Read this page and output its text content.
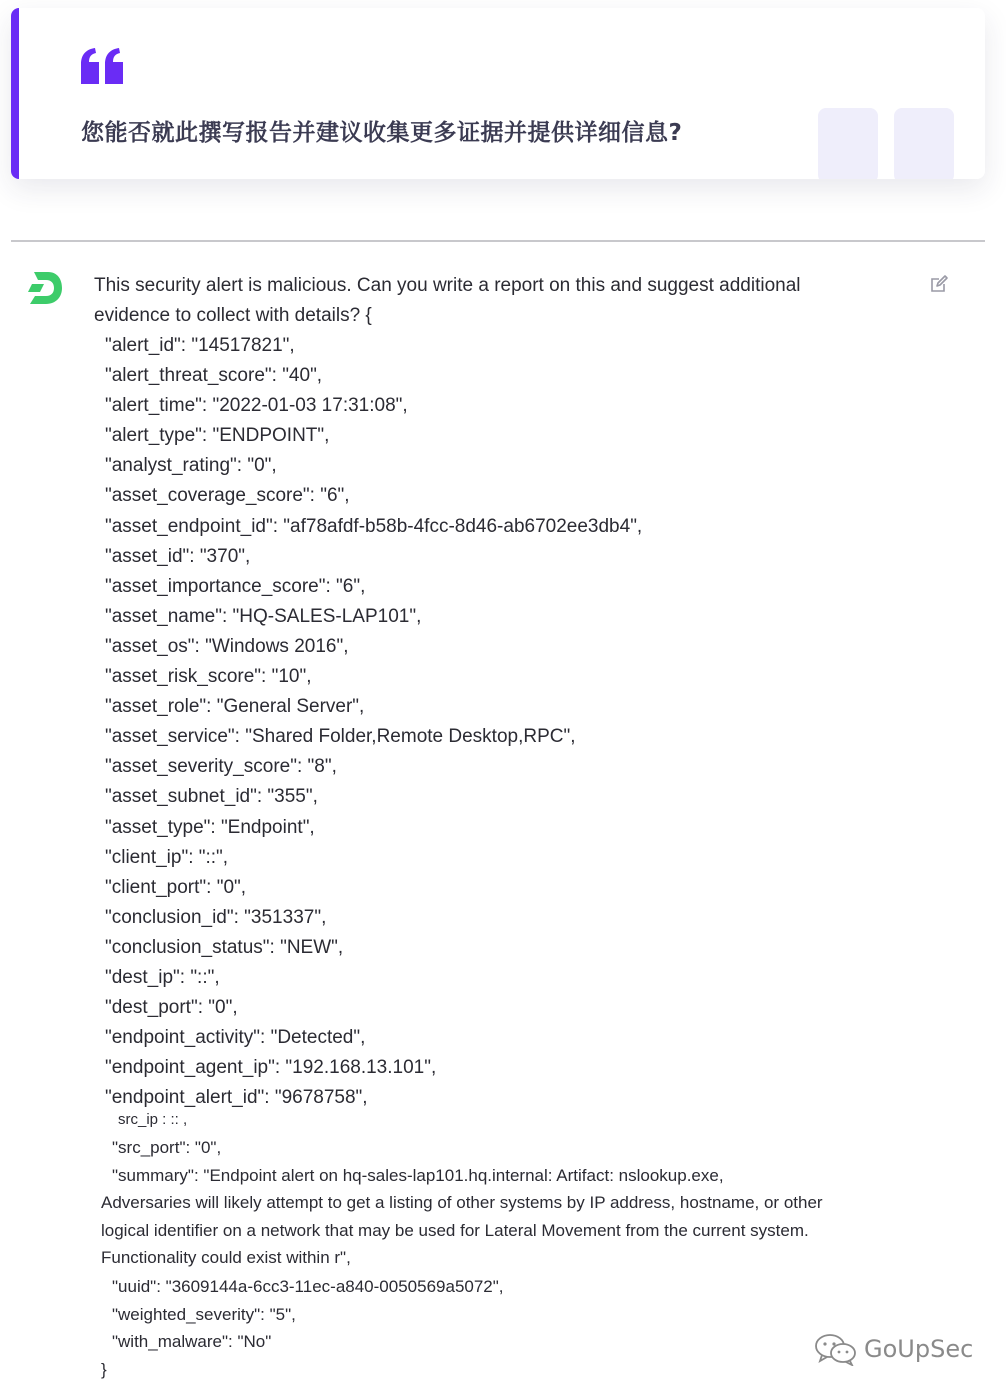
您能否就此撰写报告并建议收集更多证据并提供详细信息?
This security alert is malicious. Can you write a report on this and suggest additional evidence to collect with details? {
"alert_id": "14517821",
"alert_threat_score": "40",
"alert_time": "2022-01-03 17:31:08",
"alert_type": "ENDPOINT",
"analyst_rating": "0",
"asset_coverage_score": "6",
"asset_endpoint_id": "af78afdf-b58b-4fcc-8d46-ab6702ee3db4",
"asset_id": "370",
"asset_importance_score": "6",
"asset_name": "HQ-SALES-LAP101",
"asset_os": "Windows 2016",
"asset_risk_score": "10",
"asset_role": "General Server",
"asset_service": "Shared Folder,Remote Desktop,RPC",
"asset_severity_score": "8",
"asset_subnet_id": "355",
"asset_type": "Endpoint",
"client_ip": "::",
"client_port": "0",
"conclusion_id": "351337",
"conclusion_status": "NEW",
"dest_ip": "::",
"dest_port": "0",
"endpoint_activity": "Detected",
"endpoint_agent_ip": "192.168.13.101",
"endpoint_alert_id": "9678758",
src_ip : :: ,
"src_port": "0",
"summary": "Endpoint alert on hq-sales-lap101.hq.internal: Artifact: nslookup.exe,
Adversaries will likely attempt to get a listing of other systems by IP address, hostname, or other logical identifier on a network that may be used for Lateral Movement from the current system. Functionality could exist within r",
"uuid": "3609144a-6cc3-11ec-a840-0050569a5072",
"weighted_severity": "5",
"with_malware": "No"
}
GoUpSec
